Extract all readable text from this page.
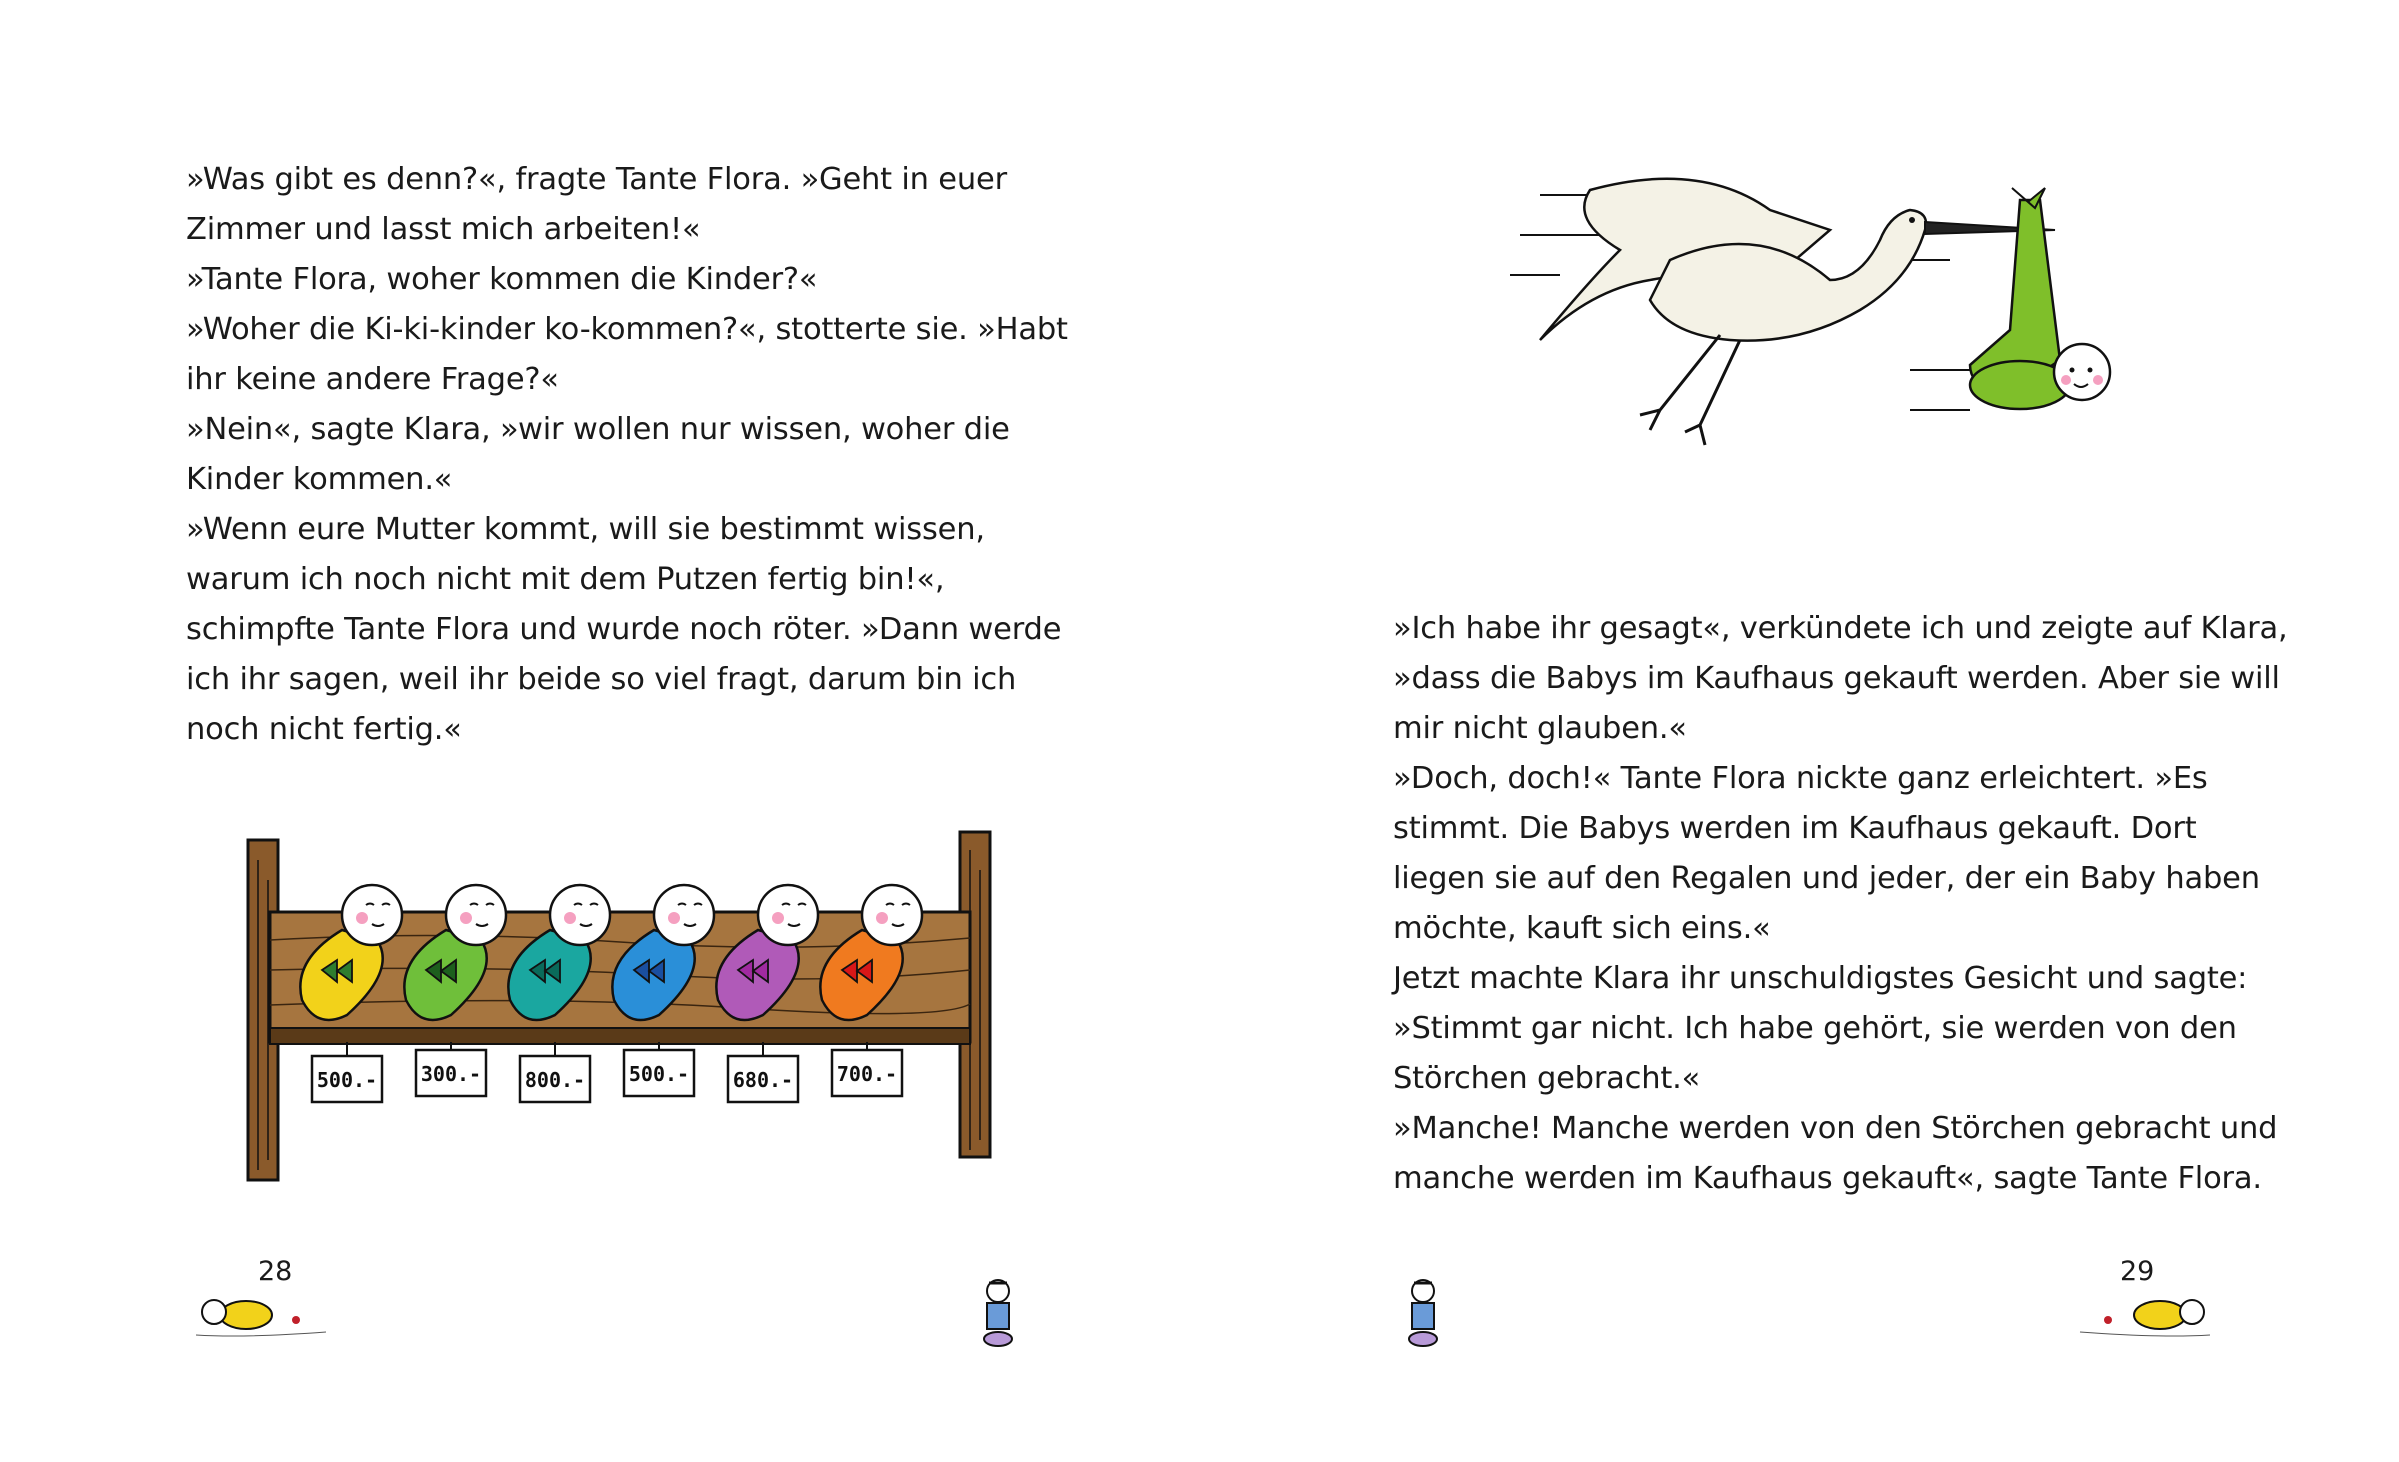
»Was gibt es denn?«, fragte Tante Flora. »Geht in euer

Zimmer und lasst mich arbeiten!«

»Tante Flora, woher kommen die Kinder?«

»Woher die Ki-ki-kinder ko-kommen?«, stotterte sie. »Habt

ihr keine andere Frage?«

»Nein«, sagte Klara, »wir wollen nur wissen, woher die

Kinder kommen.«

»Wenn eure Mutter kommt, will sie bestimmt wissen,

warum ich noch nicht mit dem Putzen fertig bin!«,

schimpfte Tante Flora und wurde noch röter. »Dann werde

ich ihr sagen, weil ihr beide so viel fragt, darum bin ich

noch nicht fertig.«

500.- 300.- 800.- 500.- 680.- 700.-
28

»Ich habe ihr gesagt«, verkündete ich und zeigte auf Klara,

»dass die Babys im Kaufhaus gekauft werden. Aber sie will

mir nicht glauben.«

»Doch, doch!« Tante Flora nickte ganz erleichtert. »Es

stimmt. Die Babys werden im Kaufhaus gekauft. Dort

liegen sie auf den Regalen und jeder, der ein Baby haben

möchte, kauft sich eins.«

Jetzt machte Klara ihr unschuldigstes Gesicht und sagte:

»Stimmt gar nicht. Ich habe gehört, sie werden von den

Störchen gebracht.«

»Manche! Manche werden von den Störchen gebracht und

manche werden im Kaufhaus gekauft«, sagte Tante Flora.

29
